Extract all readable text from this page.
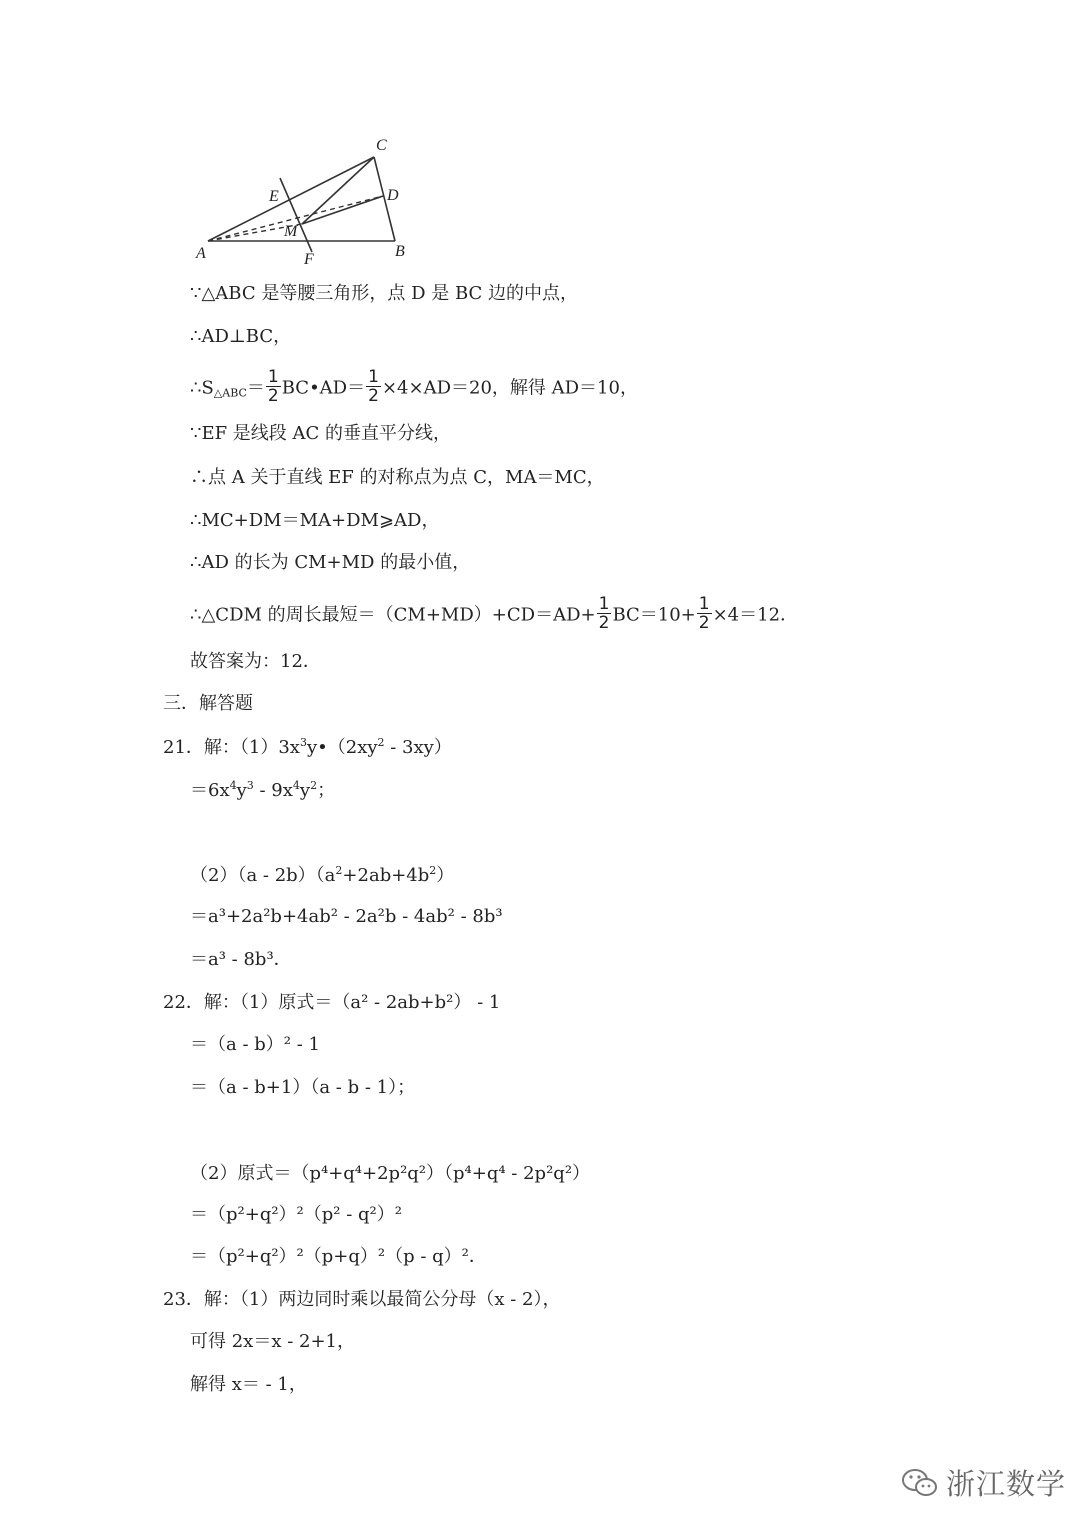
A	B
C
D
E
F
M
∵△ABC 是等腰三角形，点 D 是 BC 边的中点，
∴AD⊥BC，
$\therefore S_{\triangle ABC}= \frac{1}{2}$ BC•AD＝ $\frac{1}{2} \times 4\times AD=20$，解得 AD＝10，
∵EF 是线段 AC 的垂直平分线，
∴点 A 关于直线 EF 的对称点为点 C，MA＝MC，
∴MC+DM＝MA+DM⩾AD，
∴AD 的长为 CM+MD 的最小值，
∴△CDM 的周长最短$=(CM+MD)+CD=AD+ \frac{1}{2} BC=10+ \frac{1}{2} \times 4=12$．
故答案为：12．
三．解答题
21．解：$(1)3x^3y•(2xy^2 - 3xy)$
$=6x^4y^3 - 9x^4y^2$；
$(2)(a - 2b)(a^2+2ab+4b^2)$
＝a³+2a²b+4ab² - 2a²b - 4ab² - 8b³
＝a³ - 8b³．
22．解：（1）原式＝（a² - 2ab+b²） - 1
＝（a - b）² - 1
＝（a - b+1）（a - b - 1）；
（2）原式＝（p⁴+q⁴+2p²q²）（p⁴+q⁴ - 2p²q²）
＝（p²+q²）²（p² - q²）²
＝（p²+q²）²（p+q）²（p - q）²．
23．解：（1）两边同时乘以最简公分母（x - 2），
可得 2x＝x - 2+1，
解得 x＝ - 1，
浙江数学
